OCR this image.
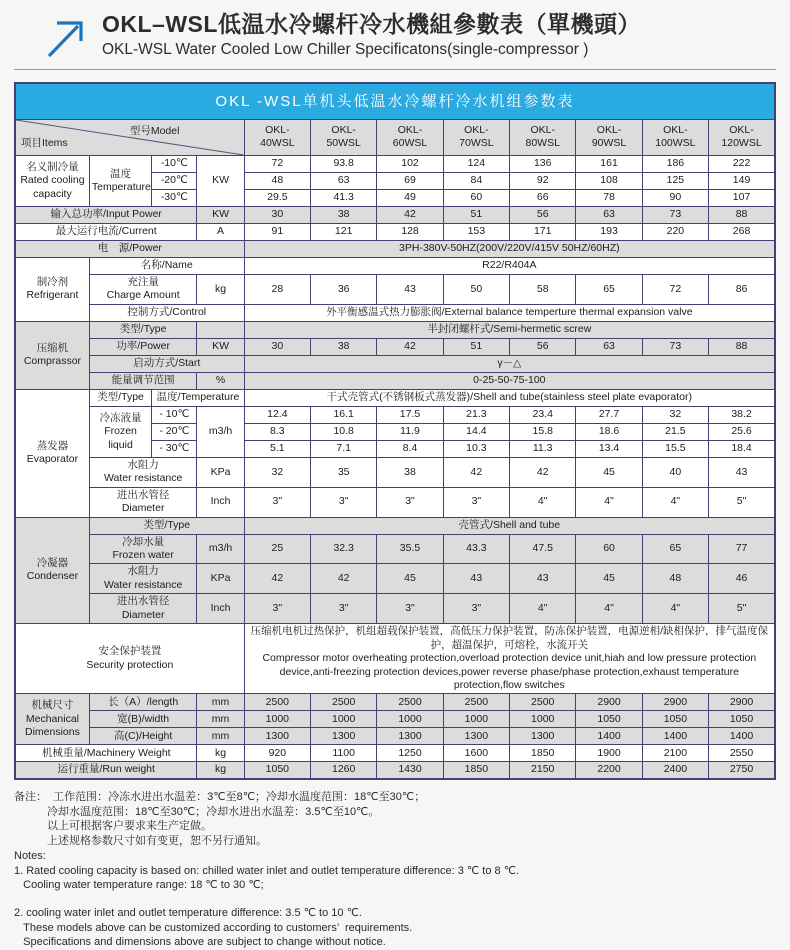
OKL–WSL低温水冷螺杆冷水機組參數表（單機頭）
OKL-WSL Water Cooled Low Chiller Specificatons(single-compressor )
OKL -WSL单机头低温水冷螺杆冷水机组参数表											

项目Items
型号Model				OKL-
40WSL	OKL-
50WSL	OKL-
60WSL	OKL-
70WSL	OKL-
80WSL	OKL-
90WSL	OKL-
100WSL	OKL-
120WSL
名义制冷量
Rated cooling
capacity	温度
Temperature	-10℃	KW	72	93.8	102	124	136	161	186	222
		-20℃		48	63	69	84	92	108	125	149
		-30℃		29.5	41.3	49	60	66	78	90	107
输入总功率/Input Power			KW	30	38	42	51	56	63	73	88
最大运行电流/Current			A	91	121	128	153	171	193	220	268
电　源/Power				3PH-380V-50HZ(200V/220V/415V 50HZ/60HZ)							
制冷剂
Refrigerant	名称/Name			R22/R404A							
	充注量
Charge Amount		kg	28	36	43	50	58	65	72	86
	控制方式/Control			外平衡感温式热力膨胀阀/External balance temperture thermal expansion valve							
压缩机
Comprassor	类型/Type			半封闭螺杆式/Semi-hermetic screw							
	功率/Power		KW	30	38	42	51	56	63	73	88
	启动方式/Start			γ－△							
	能量调节范围		%	0-25-50-75-100							
蒸发器
Evaporator	类型/Type	温度/Temperature		干式壳管式(不锈钢板式蒸发器)/Shell and tube(stainless steel plate evaporator)							
	冷冻液量
Frozen liquid	- 10℃	m3/h	12.4	16.1	17.5	21.3	23.4	27.7	32	38.2
		- 20℃		8.3	10.8	11.9	14.4	15.8	18.6	21.5	25.6
		- 30℃		5.1	7.1	8.4	10.3	11.3	13.4	15.5	18.4
	水阻力
Water resistance		KPa	32	35	38	42	42	45	40	43
	进出水管径
Diameter		Inch	3"	3"	3"	3"	4"	4"	4"	5"
冷凝器
Condenser	类型/Type			壳管式/Shell and tube							
	冷却水量
Frozen water		m3/h	25	32.3	35.5	43.3	47.5	60	65	77
	水阻力
Water resistance		KPa	42	42	45	43	43	45	48	46
	进出水管径
Diameter		Inch	3"	3"	3"	3"	4"	4"	4"	5"
安全保护装置
Security protection				压缩机电机过热保护，机组超载保护装置，高低压力保护装置，防冻保护装置，电源逆相/缺相保护，排气温度保护，超温保护，可熔栓，水流开关
Compressor motor overheating protection,overload protection device unit,hiah and low pressure protection device,anti-freezing protection devices,power reverse phase/phase protection,exhaust temperature protection,flow switches							
机械尺寸
Mechanical
Dimensions	长（A）/length		mm	2500	2500	2500	2500	2500	2900	2900	2900
	宽(B)/width		mm	1000	1000	1000	1000	1000	1050	1050	1050
	高(C)/Height		mm	1300	1300	1300	1300	1300	1400	1400	1400
机械重量/Machinery Weight			kg	920	1100	1250	1600	1850	1900	2100	2550
运行重量/Run weight			kg	1050	1260	1430	1850	2150	2200	2400	2750
备注：  工作范围：冷冻水进出水温差：3℃至8℃；冷却水温度范围：18℃至30℃；
　　　冷却水温度范围：18℃至30℃；冷却水进出水温差：3.5℃至10℃。
　　　以上可根据客户要求来生产定做。
　　　上述规格参数尺寸如有变更，恕不另行通知。
Notes:
1. Rated cooling capacity is based on: chilled water inlet and outlet temperature difference: 3 ℃ to 8 ℃.
Cooling water temperature range: 18 ℃ to 30 ℃;
2. cooling water inlet and outlet temperature difference: 3.5 ℃ to 10 ℃.
These models above can be customized according to customers’  requirements.
Specifications and dimensions above are subject to change without notice.
